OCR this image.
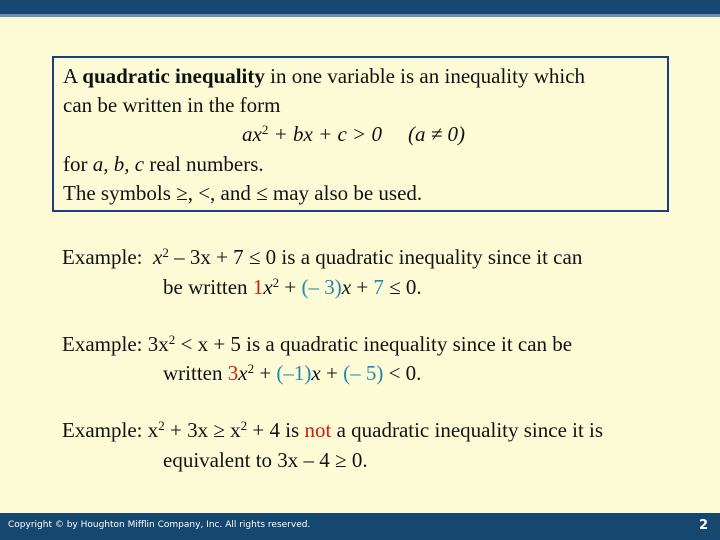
A quadratic inequality in one variable is an inequality which
can be written in the form
$ax^2$ + bx + c > 0 (a ≠ 0)
for a, b, c real numbers.
The symbols ≥, <, and ≤ may also be used.
Example:  $x^2 - 3x + 7 \le 0$ is a quadratic inequality since it can
be written $1x^2$ + (– 3)x + 7 ≤ 0.
Example: $3x^2 < x + 5$ is a quadratic inequality since it can be
written $3x^2 + (-1)x$ + (– 5) < 0.
Example: $x^2 + 3x \ge x^2 + 4$ is not a quadratic inequality since it is
equivalent to 3x – 4 ≥ 0.
Copyright © by Houghton Mifflin Company, Inc. All rights reserved.	2
